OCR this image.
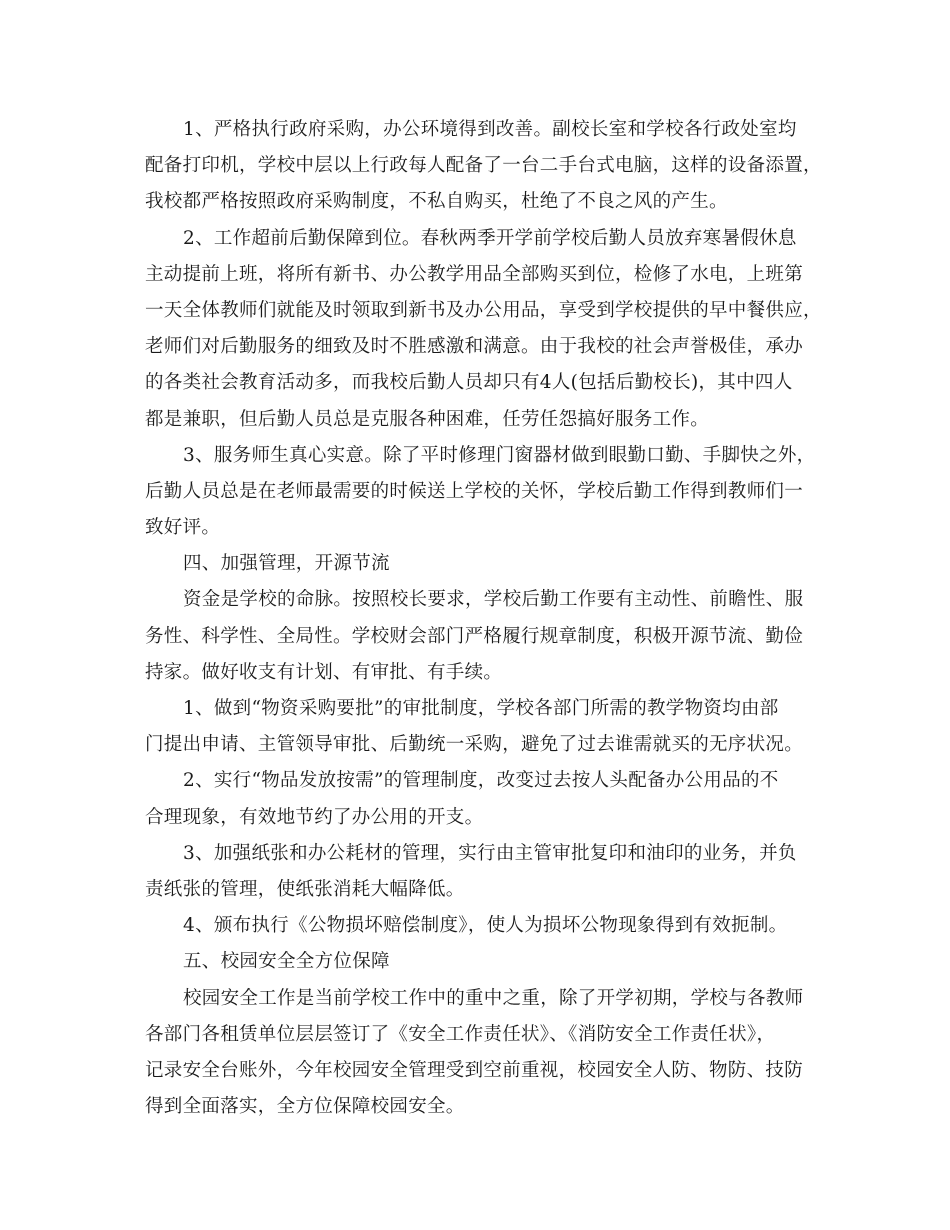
1、严格执行政府采购，办公环境得到改善。副校长室和学校各行政处室均
配备打印机，学校中层以上行政每人配备了一台二手台式电脑，这样的设备添置，
我校都严格按照政府采购制度，不私自购买，杜绝了不良之风的产生。
2、工作超前后勤保障到位。春秋两季开学前学校后勤人员放弃寒暑假休息
主动提前上班，将所有新书、办公教学用品全部购买到位，检修了水电，上班第
一天全体教师们就能及时领取到新书及办公用品，享受到学校提供的早中餐供应，
老师们对后勤服务的细致及时不胜感激和满意。由于我校的社会声誉极佳，承办
的各类社会教育活动多，而我校后勤人员却只有4人(包括后勤校长)，其中四人
都是兼职，但后勤人员总是克服各种困难，任劳任怨搞好服务工作。
3、服务师生真心实意。除了平时修理门窗器材做到眼勤口勤、手脚快之外，
后勤人员总是在老师最需要的时候送上学校的关怀，学校后勤工作得到教师们一
致好评。
四、加强管理，开源节流
资金是学校的命脉。按照校长要求，学校后勤工作要有主动性、前瞻性、服
务性、科学性、全局性。学校财会部门严格履行规章制度，积极开源节流、勤俭
持家。做好收支有计划、有审批、有手续。
1、做到“物资采购要批”的审批制度，学校各部门所需的教学物资均由部
门提出申请、主管领导审批、后勤统一采购，避免了过去谁需就买的无序状况。
2、实行“物品发放按需”的管理制度，改变过去按人头配备办公用品的不
合理现象，有效地节约了办公用的开支。
3、加强纸张和办公耗材的管理，实行由主管审批复印和油印的业务，并负
责纸张的管理，使纸张消耗大幅降低。
4、颁布执行《公物损坏赔偿制度》，使人为损坏公物现象得到有效扼制。
五、校园安全全方位保障
校园安全工作是当前学校工作中的重中之重，除了开学初期，学校与各教师
各部门各租赁单位层层签订了《安全工作责任状》、《消防安全工作责任状》，
记录安全台账外，今年校园安全管理受到空前重视，校园安全人防、物防、技防
得到全面落实，全方位保障校园安全。
